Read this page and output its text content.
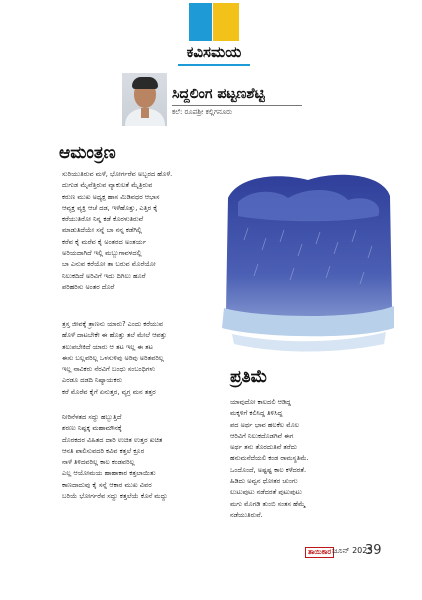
ಕವಿಸಮಯ
ಸಿದ್ದಲಿಂಗ ಪಟ್ಟಣಶೆಟ್ಟಿ
ಕಲೆ: ರೂಪಶ್ರೀ ಕಲ್ಲಿಗನೂರು
ಆಮಂತ್ರಣ
ಸುರಿಯುತಿರುವ ಮಳೆ, ಭೋರ್ಗರೆವ ಅಬ್ಬರದ ಹೊಳೆ.
ದುಗುಡ ಮೈವೆತ್ತಿರುವ ವ್ಯಾಕುಲತೆ ಮೈತ್ರಿರುವ
ಕರುಣ ಮುಖ ಅಧ್ಯಕ್ಷ ಹಾಸ ಮಿಡಿವಧರ ಆಭಾಸ
ಆವ್ಯಕ್ತ ವ್ಯಕ್ತಿ ಆಚೆ ದಡ, ಇಳೆಹೊತ್ತು, ಎತ್ತಿರ ಕೈ
ಕರೆಯುತಿರೋ ನಿನ್ನ ಕಡೆ ಕೊರಳುತಿರುವೆ
ಮಾಡುತಿದೆಯೇ ಸನ್ನೆ ಬಾ ನನ್ನ ಕಡೆಗಿಲ್ಲಿ
ಕರೆವ ಕೈ ಮರೆವ ಕೈ ಅಂತರದ ಅಂತರ್ಯ
ಅರಿಯದಾಗಿದೆ ಇಲ್ಲಿ ಮಬ್ಬುಗಾವಳದಲ್ಲಿ
ಬಾ ಎನುವ ಕರೆಯೋ ತಾ ಬರುವ ಮೊರೆಯೋ
ನಿಲುಕದಿದೆ ಅರಿವಿಗೆ ಇದು ದಿಗಿಲು ಹೂರೆ
ಪರಿಹರಿಸು ಅಂತರ ದೊರೆ
ತ್ರಸ್ತ ಜೀವಕ್ಕೆ ತ್ರಾಣನು ಯಾರು? ಎಂದು ಕರೆಯುವ
ಹೊಳೆ ದಾಟಬೇಕೇ ಈ ಹೊತ್ತು ತಲೆ ಮೇಲೆ ಆಪತ್ತು
ತಲುಪಬೇಕಿದೆ ಯಾರು ಆ ತಟ ಇಲ್ಲ ಈ ತಟ
ಈಸು ಬಲ್ಲವರಿಲ್ಲ ಒಳಸುಳಿವು ಅರಿವು ಅರಿತವರಿಲ್ಲ
ಇಲ್ಲ ನಾವಿಕರು ನೆರವಿಗೆ ಬಂಧು ಸಂಬಂಧಿಗಳು
ಎರಡೂ ದಡದಿ ನಿಷ್ಯಾಯಕರು
ಕರೆ ಮೊರೆವ ಕೈಗೆ ಏನುತ್ತರ, ವ್ಯಗ್ರ ಮನ ತತ್ತರ
ನೀರಿನೆಳತದ ಸದ್ದು ಹಬ್ಬುತ್ತಿದೆ
ಶರಣು ನಿಷ್ಪಕ್ಕ ಮಹಾಮೌನಕ್ಕೆ
ದೊರಕದರ ವಿಹಿತದ ದಾರಿ ಉಚಿತ ಉತ್ತರ ಖಚಿತ
ಆನತಿ ಪಾಲಿಸುವದರಿ ಕವಿವ ಕತ್ತಲೆ ಕ್ರೂರ
ನಾಳೆ ತಿಳಿದವರಿಲ್ಲ ಕಾಲ ಕಂಡವರಿಲ್ಲ
ಎಲ್ಲ ಆಯೋಮಯ ಹಾಹಾಕಾರ ಕತ್ತಲಾಯಿತು
ಕಾಣದಾದುವು ಕೈ ಸನ್ನೆ ಆಕಾರ ಮುಖ ವಿವರ
ಬರಿಯೆ ಭೋರ್ಗರೆವ ಸದ್ದು ಕತ್ತಲೆಯೆ ಕೊನೆ ಮದ್ದು
ಪ್ರತಿಮೆ
ಯಾವುದೋ ಕಾಲದಲಿ ಆಡಿದ್ದ
ಮಕ್ಕಳಿಗೆ ಕಲಿಸಿದ್ದ ತಿಳಿಸಿದ್ದ
ಪದ ಅರ್ಥ ಭಾವ ಹಲಕೆಲ ಮೊಲ
ಆರಿವಿಗೆ ನಿಲುಕದೊಡಗಿವೆ ಈಗ
ಅರ್ಥ ತನು ತೊರದುತಿವೆ ತರೆದು
ಹನುಮನೆದೆಯಲಿ ಕಂಡ ರಾಮಸ್ಥತಿಮೆ.
ಒಂದೊಂದೆ, ಅಷ್ಟಷ್ಟ ಕಾಲ ಕಳೆದರತೆ.
ಹಿಡಿದು ಅವ್ವನ ಧೋತರ ಚುಂಗು
ಲುಟುಪುಟು ನಡೆದರತೆ ಪುಟುಪುಟು
ಮಗು ಮೊಗಡಿ ತುಂಬಿ ಸಂತಸ ಹೆಮ್ಮೆ
ನಡೆಯುತಿರುವೆ.
ತಾಯಿಕಾರ ಜೂನ್ 2023
39
